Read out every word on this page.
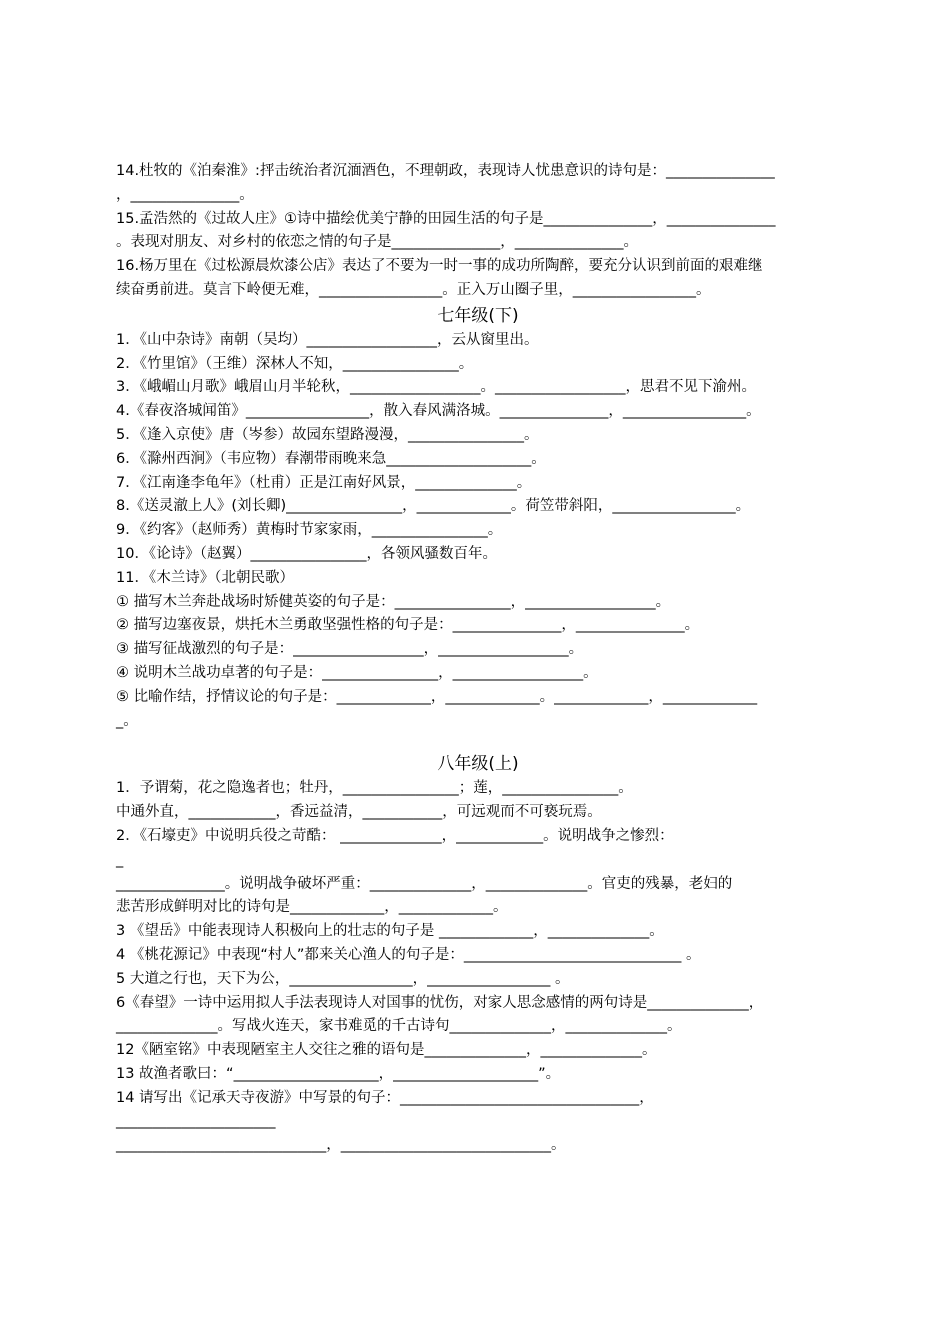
14.杜牧的《泊秦淮》:抨击统治者沉湎酒色，不理朝政，表现诗人忧患意识的诗句是：_______________
，_______________。
15.孟浩然的《过故人庄》①诗中描绘优美宁静的田园生活的句子是_______________，_______________
。表现对朋友、对乡村的依恋之情的句子是_______________，_______________。
16.杨万里在《过松源晨炊漆公店》表达了不要为一时一事的成功所陶醉，要充分认识到前面的艰难继
续奋勇前进。莫言下岭便无难，_________________。正入万山圈子里，_________________。
七年级(下)
1．《山中杂诗》南朝（吴均）__________________，云从窗里出。
2．《竹里馆》（王维）深林人不知，________________。
3．《峨嵋山月歌》峨眉山月半轮秋，__________________。__________________，思君不见下渝州。
4.《春夜洛城闻笛》_________________，散入春风满洛城。_______________，_________________。
5．《逢入京使》唐（岑参）故园东望路漫漫，________________。
6．《滁州西涧》（韦应物）春潮带雨晚来急____________________。
7．《江南逢李龟年》（杜甫）正是江南好风景，______________。
8.《送灵澈上人》(刘长卿)________________，_____________。荷笠带斜阳，_________________。
9．《约客》（赵师秀）黄梅时节家家雨，________________。
10．《论诗》（赵翼）________________，各领风骚数百年。
11．《木兰诗》（北朝民歌）
① 描写木兰奔赴战场时矫健英姿的句子是：________________，__________________。
② 描写边塞夜景，烘托木兰勇敢坚强性格的句子是：_______________，_______________。
③ 描写征战激烈的句子是：__________________，__________________。
④ 说明木兰战功卓著的句子是：________________，__________________。
⑤ 比喻作结，抒情议论的句子是：_____________，_____________。_____________，_____________
_。
八年级(上)
1．予谓菊，花之隐逸者也；牡丹，________________；莲，________________。
中通外直，____________，香远益清，___________，可远观而不可亵玩焉。
2．《石壕吏》中说明兵役之苛酷： ______________，____________。说明战争之惨烈：
_
_______________。说明战争破坏严重：______________，______________。官吏的残暴，老妇的
悲苦形成鲜明对比的诗句是_____________，_____________。
3 《望岳》中能表现诗人积极向上的壮志的句子是 _____________，______________。
4 《桃花源记》中表现“村人”都来关心渔人的句子是：______________________________ 。
5 大道之行也，天下为公，_________________，_________________ 。
6《春望》一诗中运用拟人手法表现诗人对国事的忧伤，对家人思念感情的两句诗是______________，
______________。写战火连天，家书难觅的千古诗句______________，______________。
12《陋室铭》中表现陋室主人交往之雅的语句是______________，______________。
13 故渔者歌曰：“____________________，____________________”。
14 请写出《记承天寺夜游》中写景的句子：_________________________________，
______________________
_____________________________，_____________________________。
